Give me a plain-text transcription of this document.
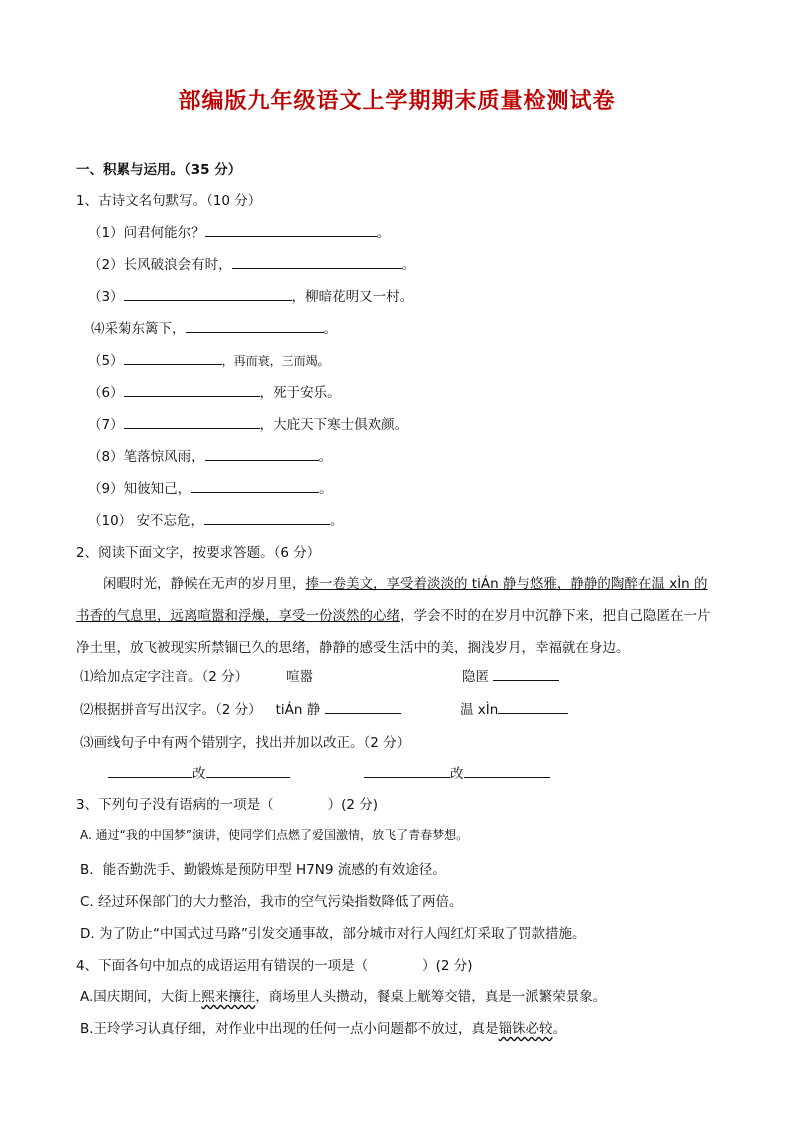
部编版九年级语文上学期期末质量检测试卷
一、积累与运用。（35 分）
1、古诗文名句默写。（10 分）
（1）问君何能尔？	。
（2）长风破浪会有时，	。
（3）	，柳暗花明又一村。
⑷采菊东篱下，	。
（5）	，再而衰，三而竭。
（6）	，死于安乐。
（7）	，大庇天下寒士俱欢颜。
（8）笔落惊风雨，	。
（9）知彼知己，	。
（10） 安不忘危，	。
2、阅读下面文字，按要求答题。（6 分）
闲暇时光，静候在无声的岁月里，捧一卷美文，享受着淡淡的 tiÁn 静与悠雅，静静的陶醉在温 xÌn 的书香的气息里，远离喧嚣和浮燥，享受一份淡然的心绪，学会不时的在岁月中沉静下来，把自己隐匿在一片净土里，放飞被现实所禁锢已久的思绪，静静的感受生活中的美，搁浅岁月，幸福就在身边。
⑴给加点定字注音。（2 分）	喧嚣	隐匿
⑵根据拼音写出汉字。（2 分） tiÁn 静	温 xÌn
⑶画线句子中有两个错别字，找出并加以改正。（2 分）
改	改
3、下列句子没有语病的一项是（　　　　）(2 分)
A. 通过“我的中国梦”演讲，使同学们点燃了爱国激情，放飞了青春梦想。
B．能否勤洗手、勤锻炼是预防甲型 H7N9 流感的有效途径。
C. 经过环保部门的大力整治，我市的空气污染指数降低了两倍。
D. 为了防止“中国式过马路”引发交通事故，部分城市对行人闯红灯采取了罚款措施。
4、下面各句中加点的成语运用有错误的一项是（　　　　）(2 分)
A.国庆期间，大街上熙来攘往，商场里人头攒动，餐桌上觥筹交错，真是一派繁荣景象。
B.王玲学习认真仔细，对作业中出现的任何一点小问题都不放过，真是锱铢必较。
